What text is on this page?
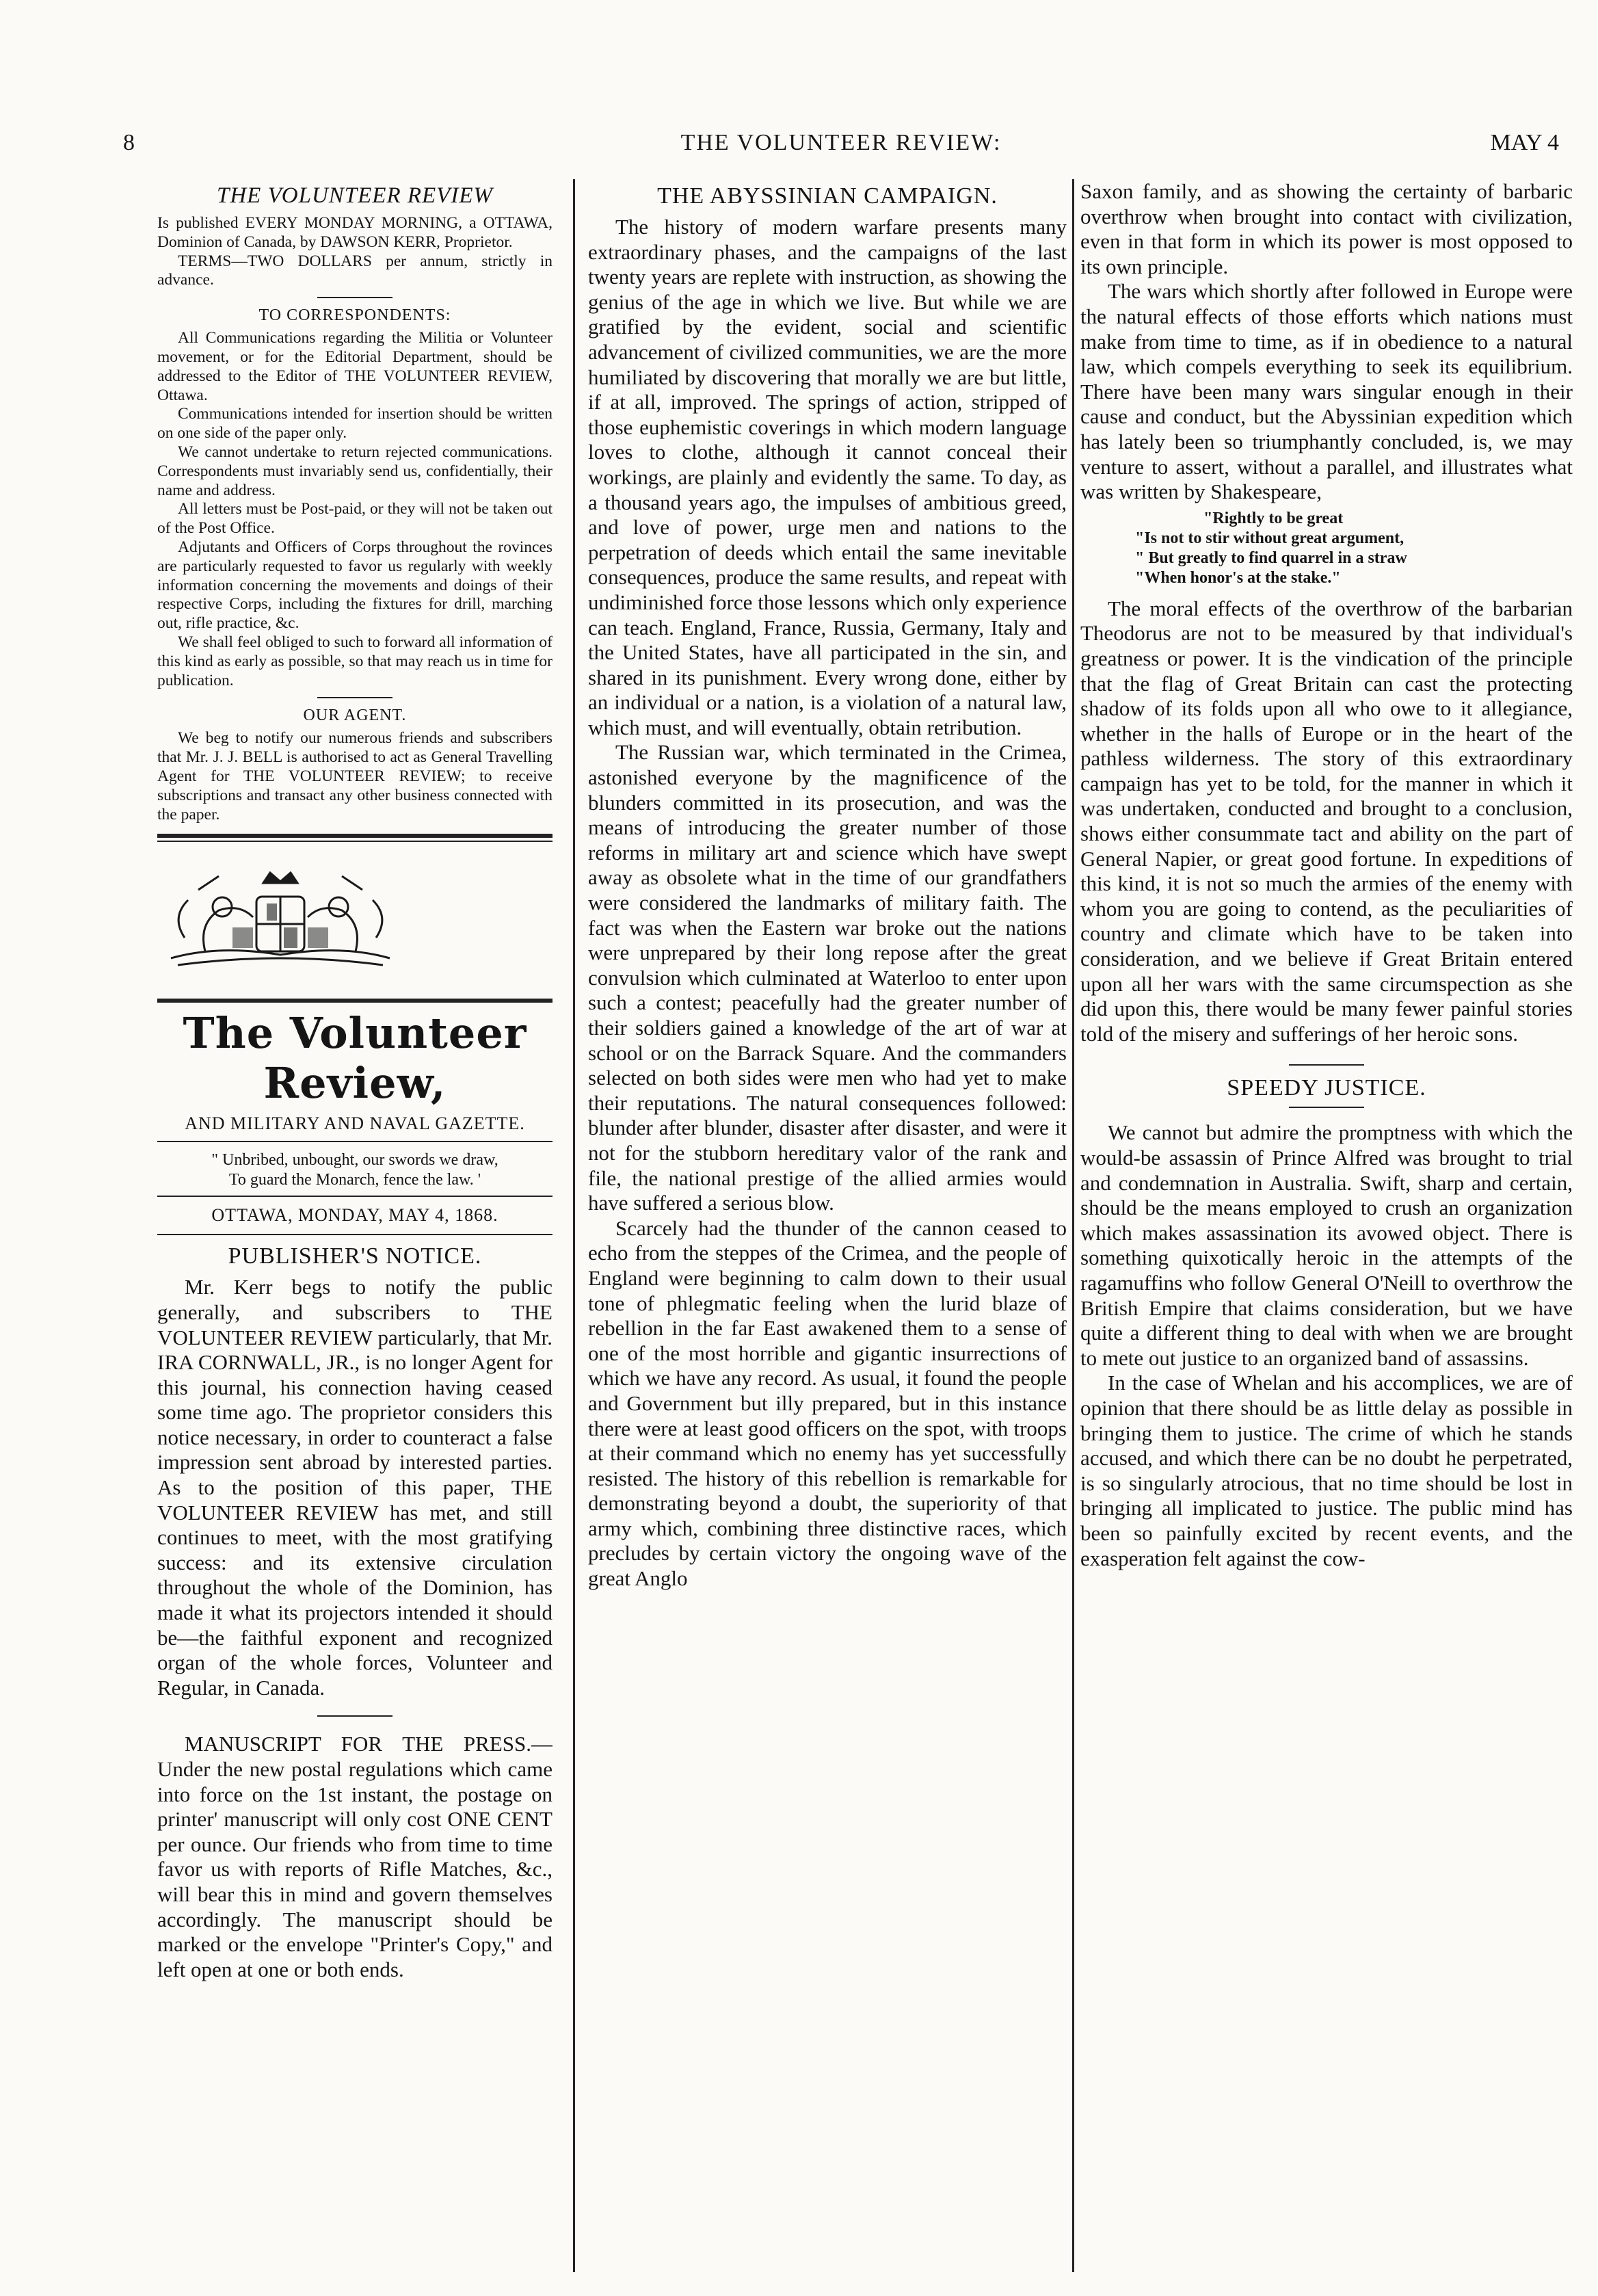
8	THE VOLUNTEER REVIEW:	MAY 4
THE VOLUNTEER REVIEW

Is published EVERY MONDAY MORNING, a OTTAWA, Dominion of Canada, by DAWSON KERR, Proprietor.

TERMS—TWO DOLLARS per annum, strictly in advance.

TO CORRESPONDENTS:

All Communications regarding the Militia or Volunteer movement, or for the Editorial Department, should be addressed to the Editor of THE VOLUNTEER REVIEW, Ottawa.

Communications intended for insertion should be written on one side of the paper only.

We cannot undertake to return rejected communications. Correspondents must invariably send us, confidentially, their name and address.

All letters must be Post-paid, or they will not be taken out of the Post Office.

Adjutants and Officers of Corps throughout the rovinces are particularly requested to favor us regularly with weekly information concerning the movements and doings of their respective Corps, including the fixtures for drill, marching out, rifle practice, &c.

We shall feel obliged to such to forward all information of this kind as early as possible, so that may reach us in time for publication.

OUR AGENT.

We beg to notify our numerous friends and subscribers that Mr. J. J. BELL is authorised to act as General Travelling Agent for THE VOLUNTEER REVIEW; to receive subscriptions and transact any other business connected with the paper.

The Volunteer Review,
AND MILITARY AND NAVAL GAZETTE.
" Unbribed, unbought, our swords we draw,
To guard the Monarch, fence the law. '
OTTAWA, MONDAY, MAY 4, 1868.
PUBLISHER'S NOTICE.

Mr. Kerr begs to notify the public generally, and subscribers to THE VOLUNTEER REVIEW particularly, that Mr. IRA CORNWALL, JR., is no longer Agent for this journal, his connection having ceased some time ago. The proprietor considers this notice necessary, in order to counteract a false impression sent abroad by interested parties. As to the position of this paper, THE VOLUNTEER REVIEW has met, and still continues to meet, with the most gratifying success: and its extensive circulation throughout the whole of the Dominion, has made it what its projectors intended it should be—the faithful exponent and recognized organ of the whole forces, Volunteer and Regular, in Canada.

MANUSCRIPT FOR THE PRESS.—Under the new postal regulations which came into force on the 1st instant, the postage on printer' manuscript will only cost ONE CENT per ounce. Our friends who from time to time favor us with reports of Rifle Matches, &c., will bear this in mind and govern themselves accordingly. The manuscript should be marked or the envelope "Printer's Copy," and left open at one or both ends.

THE ABYSSINIAN CAMPAIGN.

The history of modern warfare presents many extraordinary phases, and the campaigns of the last twenty years are replete with instruction, as showing the genius of the age in which we live. But while we are gratified by the evident, social and scientific advancement of civilized communities, we are the more humiliated by discovering that morally we are but little, if at all, improved. The springs of action, stripped of those euphemistic coverings in which modern language loves to clothe, although it cannot conceal their workings, are plainly and evidently the same. To day, as a thousand years ago, the impulses of ambitious greed, and love of power, urge men and nations to the perpetration of deeds which entail the same inevitable consequences, produce the same results, and repeat with undiminished force those lessons which only experience can teach. England, France, Russia, Germany, Italy and the United States, have all participated in the sin, and shared in its punishment. Every wrong done, either by an individual or a nation, is a violation of a natural law, which must, and will eventually, obtain retribution.

The Russian war, which terminated in the Crimea, astonished everyone by the magnificence of the blunders committed in its prosecution, and was the means of introducing the greater number of those reforms in military art and science which have swept away as obsolete what in the time of our grandfathers were considered the landmarks of military faith. The fact was when the Eastern war broke out the nations were unprepared by their long repose after the great convulsion which culminated at Waterloo to enter upon such a contest; peacefully had the greater number of their soldiers gained a knowledge of the art of war at school or on the Barrack Square. And the commanders selected on both sides were men who had yet to make their reputations. The natural consequences followed: blunder after blunder, disaster after disaster, and were it not for the stubborn hereditary valor of the rank and file, the national prestige of the allied armies would have suffered a serious blow.

Scarcely had the thunder of the cannon ceased to echo from the steppes of the Crimea, and the people of England were beginning to calm down to their usual tone of phlegmatic feeling when the lurid blaze of rebellion in the far East awakened them to a sense of one of the most horrible and gigantic insurrections of which we have any record. As usual, it found the people and Government but illy prepared, but in this instance there were at least good officers on the spot, with troops at their command which no enemy has yet successfully resisted. The history of this rebellion is remarkable for demonstrating beyond a doubt, the superiority of that army which, combining three distinctive races, which precludes by certain victory the ongoing wave of the great Anglo

Saxon family, and as showing the certainty of barbaric overthrow when brought into contact with civilization, even in that form in which its power is most opposed to its own principle.

The wars which shortly after followed in Europe were the natural effects of those efforts which nations must make from time to time, as if in obedience to a natural law, which compels everything to seek its equilibrium. There have been many wars singular enough in their cause and conduct, but the Abyssinian expedition which has lately been so triumphantly concluded, is, we may venture to assert, without a parallel, and illustrates what was written by Shakespeare,

"Rightly to be great
"Is not to stir without great argument,
" But greatly to find quarrel in a straw
"When honor's at the stake."

The moral effects of the overthrow of the barbarian Theodorus are not to be measured by that individual's greatness or power. It is the vindication of the principle that the flag of Great Britain can cast the protecting shadow of its folds upon all who owe to it allegiance, whether in the halls of Europe or in the heart of the pathless wilderness. The story of this extraordinary campaign has yet to be told, for the manner in which it was undertaken, conducted and brought to a conclusion, shows either consummate tact and ability on the part of General Napier, or great good fortune. In expeditions of this kind, it is not so much the armies of the enemy with whom you are going to contend, as the peculiarities of country and climate which have to be taken into consideration, and we believe if Great Britain entered upon all her wars with the same circumspection as she did upon this, there would be many fewer painful stories told of the misery and sufferings of her heroic sons.

SPEEDY JUSTICE.

We cannot but admire the promptness with which the would-be assassin of Prince Alfred was brought to trial and condemnation in Australia. Swift, sharp and certain, should be the means employed to crush an organization which makes assassination its avowed object. There is something quixotically heroic in the attempts of the ragamuffins who follow General O'Neill to overthrow the British Empire that claims consideration, but we have quite a different thing to deal with when we are brought to mete out justice to an organized band of assassins.

In the case of Whelan and his accomplices, we are of opinion that there should be as little delay as possible in bringing them to justice. The crime of which he stands accused, and which there can be no doubt he perpetrated, is so singularly atrocious, that no time should be lost in bringing all implicated to justice. The public mind has been so painfully excited by recent events, and the exasperation felt against the cow-
